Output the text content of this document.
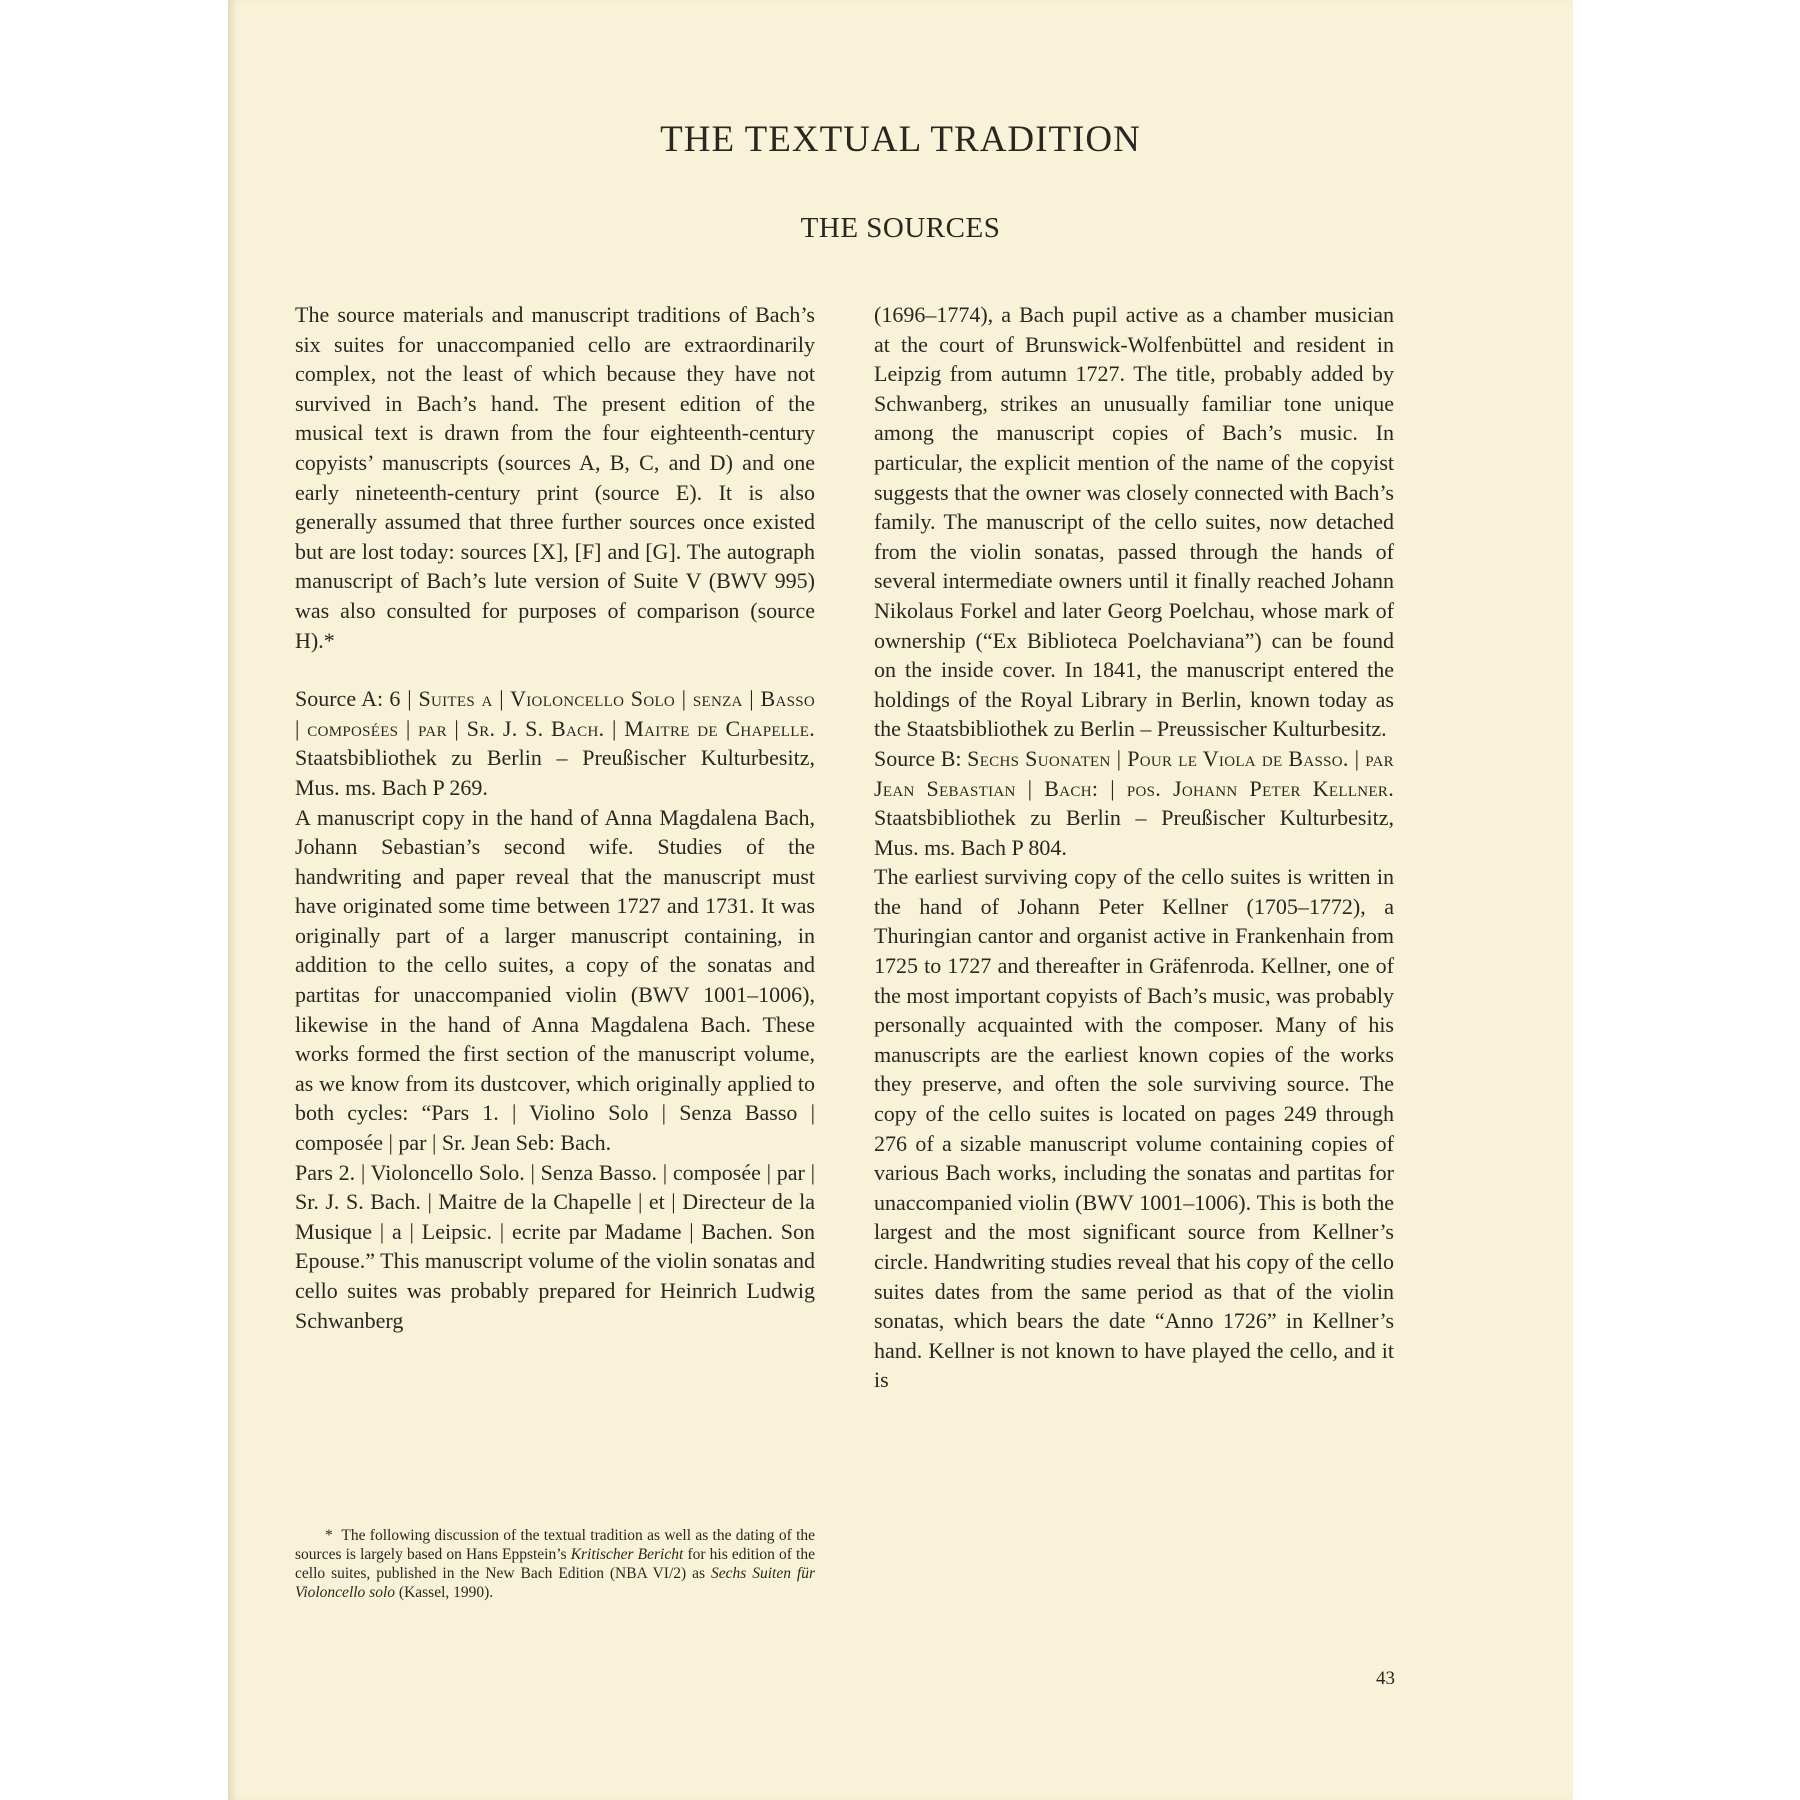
THE TEXTUAL TRADITION
THE SOURCES

The source materials and manuscript traditions of Bach’s six suites for unaccompanied cello are extraordinarily complex, not the least of which because they have not survived in Bach’s hand. The present edition of the musical text is drawn from the four eighteenth-century copyists’ manuscripts (sources A, B, C, and D) and one early nineteenth-century print (source E). It is also generally assumed that three further sources once existed but are lost today: sources [X], [F] and [G]. The autograph manuscript of Bach’s lute version of Suite V (BWV 995) was also consulted for purposes of comparison (source H).*

Source A: 6 | Suites a | Violoncello Solo | senza | Basso | composées | par | Sr. J. S. Bach. | Maitre de Chapelle. Staatsbibliothek zu Berlin – Preußischer Kulturbesitz, Mus. ms. Bach P 269.

A manuscript copy in the hand of Anna Magdalena Bach, Johann Sebastian’s second wife. Studies of the handwriting and paper reveal that the manuscript must have originated some time between 1727 and 1731. It was originally part of a larger manuscript containing, in addition to the cello suites, a copy of the sonatas and partitas for unaccompanied violin (BWV 1001–1006), likewise in the hand of Anna Magdalena Bach. These works formed the first section of the manuscript volume, as we know from its dustcover, which originally applied to both cycles: “Pars 1. | Violino Solo | Senza Basso | composée | par | Sr. Jean Seb: Bach.

Pars 2. | Violoncello Solo. | Senza Basso. | composée | par | Sr. J. S. Bach. | Maitre de la Chapelle | et | Directeur de la Musique | a | Leipsic. | ecrite par Madame | Bachen. Son Epouse.” This manuscript volume of the violin sonatas and cello suites was probably prepared for Heinrich Ludwig Schwanberg

(1696–1774), a Bach pupil active as a chamber musician at the court of Brunswick-Wolfenbüttel and resident in Leipzig from autumn 1727. The title, probably added by Schwanberg, strikes an unusually familiar tone unique among the manuscript copies of Bach’s music. In particular, the explicit mention of the name of the copyist suggests that the owner was closely connected with Bach’s family. The manuscript of the cello suites, now detached from the violin sonatas, passed through the hands of several intermediate owners until it finally reached Johann Nikolaus Forkel and later Georg Poelchau, whose mark of ownership (“Ex Biblioteca Poelchaviana”) can be found on the inside cover. In 1841, the manuscript entered the holdings of the Royal Library in Berlin, known today as the Staatsbibliothek zu Berlin – Preussischer Kulturbesitz.

Source B: Sechs Suonaten | Pour le Viola de Basso. | par Jean Sebastian | Bach: | pos. Johann Peter Kellner. Staatsbibliothek zu Berlin – Preußischer Kulturbesitz, Mus. ms. Bach P 804.

The earliest surviving copy of the cello suites is written in the hand of Johann Peter Kellner (1705–1772), a Thuringian cantor and organist active in Frankenhain from 1725 to 1727 and thereafter in Gräfenroda. Kellner, one of the most important copyists of Bach’s music, was probably personally acquainted with the composer. Many of his manuscripts are the earliest known copies of the works they preserve, and often the sole surviving source. The copy of the cello suites is located on pages 249 through 276 of a sizable manuscript volume containing copies of various Bach works, including the sonatas and partitas for unaccompanied violin (BWV 1001–1006). This is both the largest and the most significant source from Kellner’s circle. Handwriting studies reveal that his copy of the cello suites dates from the same period as that of the violin sonatas, which bears the date “Anno 1726” in Kellner’s hand. Kellner is not known to have played the cello, and it is

* The following discussion of the textual tradition as well as the dating of the sources is largely based on Hans Eppstein’s Kritischer Bericht for his edition of the cello suites, published in the New Bach Edition (NBA VI/2) as Sechs Suiten für Violoncello solo (Kassel, 1990).

43
